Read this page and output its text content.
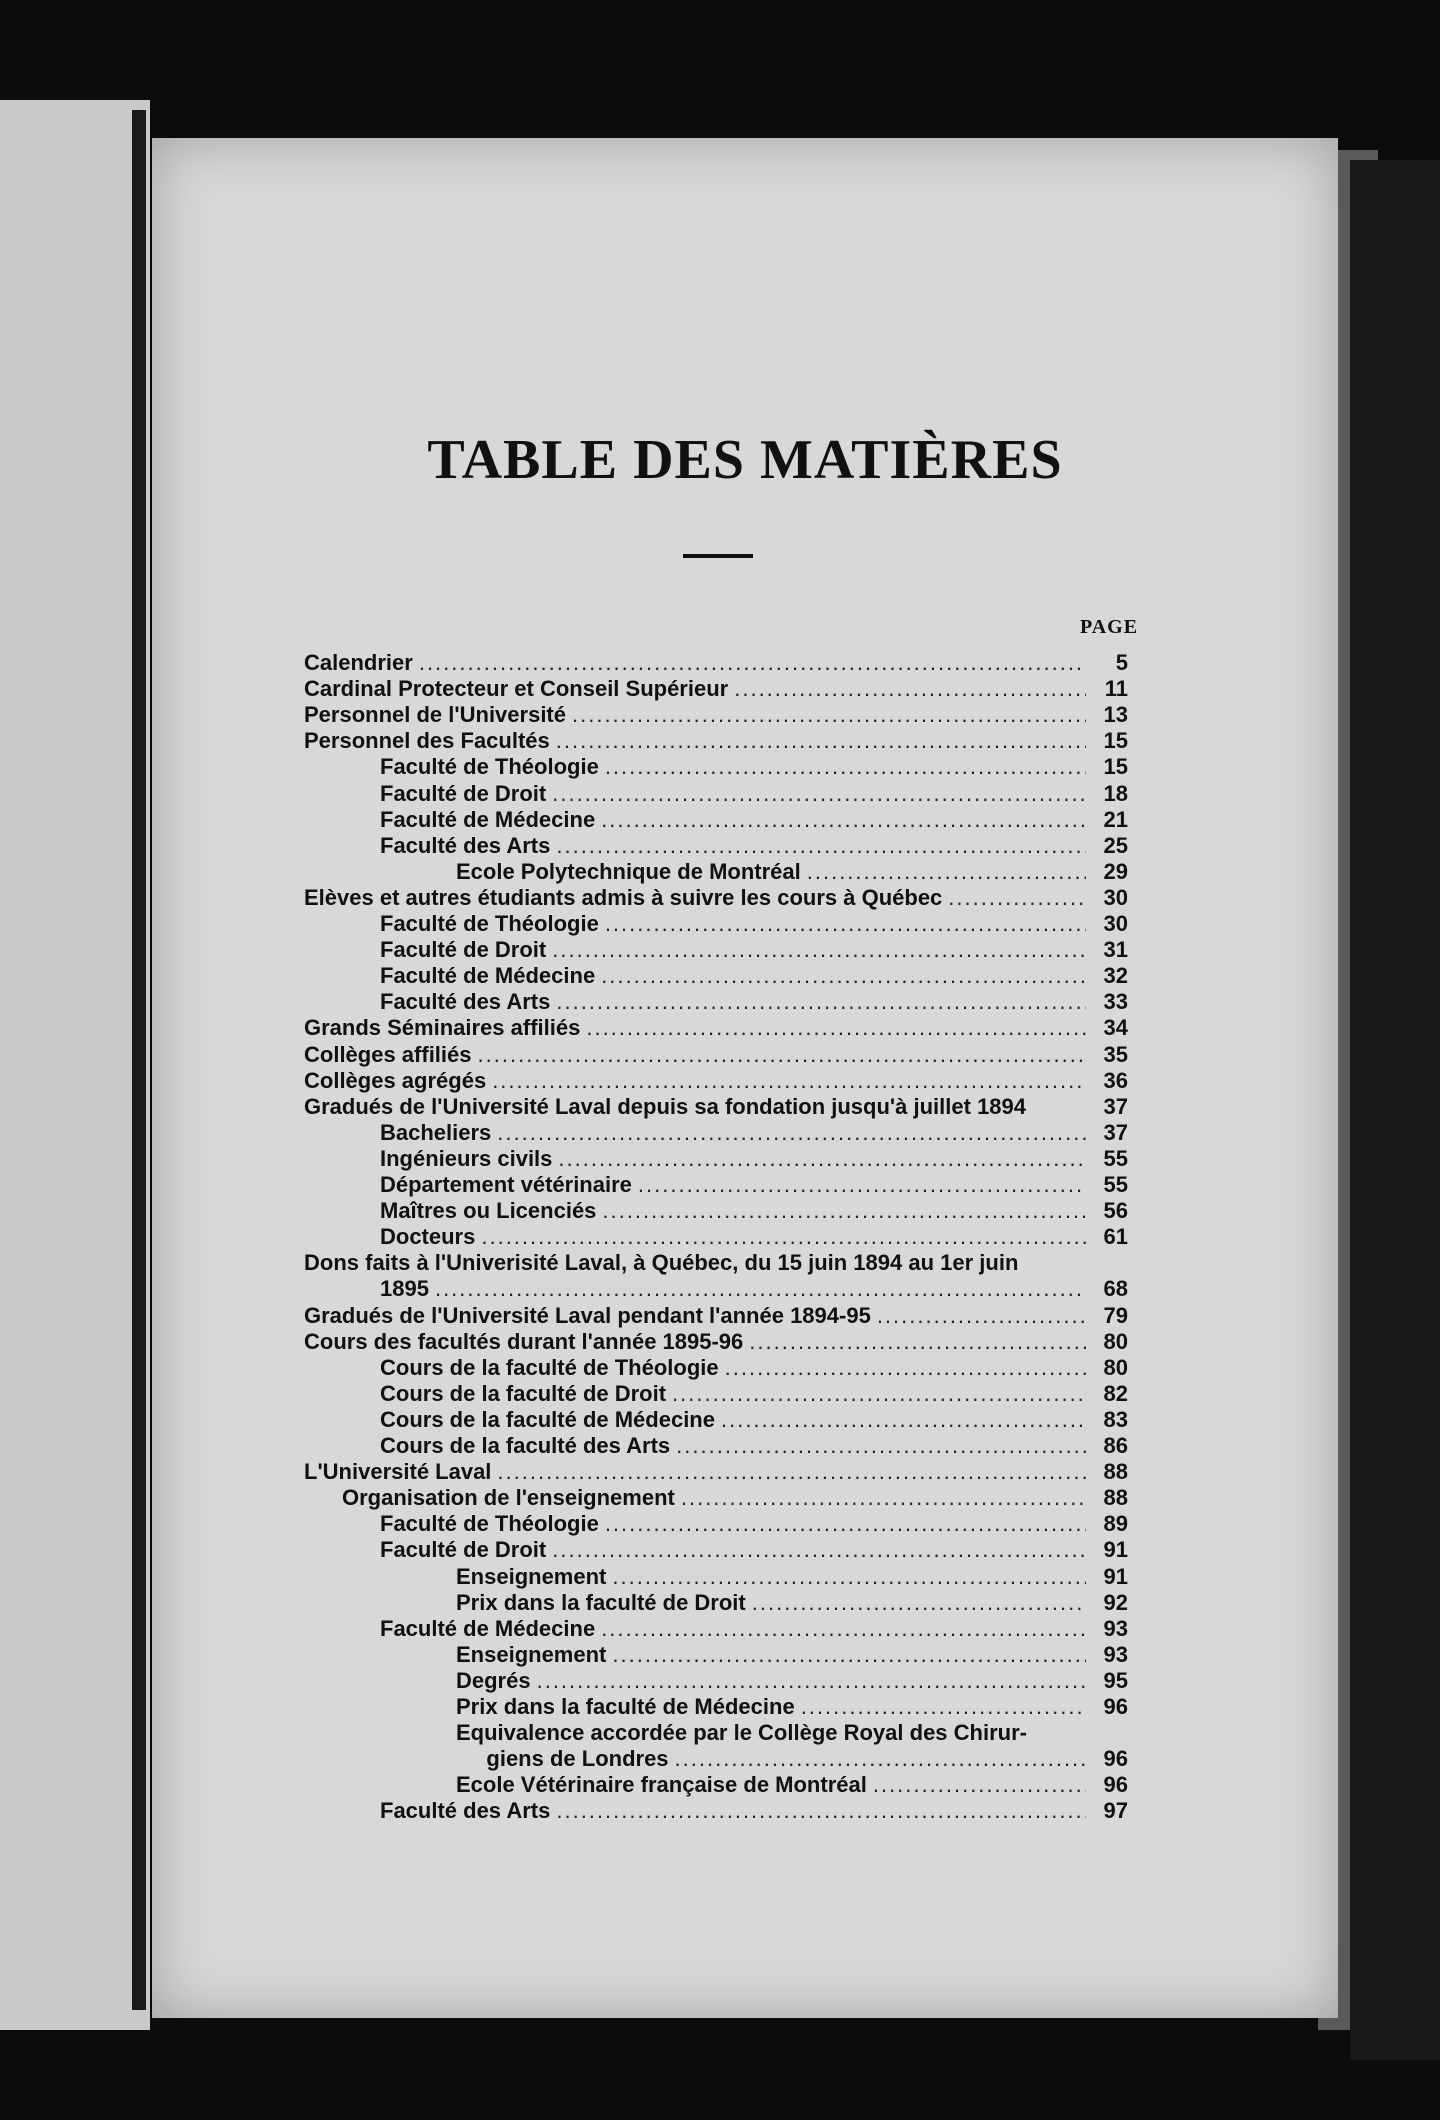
TABLE DES MATIÈRES
PAGE
Calendrier .....	5
Cardinal Protecteur et Conseil Supérieur .....	11
Personnel de l'Université .....	13
Personnel des Facultés .....	15
Faculté de Théologie .....	15
Faculté de Droit .....	18
Faculté de Médecine .....	21
Faculté des Arts .....	25
Ecole Polytechnique de Montréal .....	29
Elèves et autres étudiants admis à suivre les cours à Québec .....	30
Faculté de Théologie .....	30
Faculté de Droit .....	31
Faculté de Médecine .....	32
Faculté des Arts .....	33
Grands Séminaires affiliés .....	34
Collèges affiliés .....	35
Collèges agrégés .....	36
Gradués de l'Université Laval depuis sa fondation jusqu'à juillet 1894	37
Bacheliers .....	37
Ingénieurs civils .....	55
Département vétérinaire .....	55
Maîtres ou Licenciés .....	56
Docteurs .....	61
Dons faits à l'Univerisité Laval, à Québec, du 15 juin 1894 au 1er juin
1895 .....	68
Gradués de l'Université Laval pendant l'année 1894-95 .....	79
Cours des facultés durant l'année 1895-96 .....	80
Cours de la faculté de Théologie .....	80
Cours de la faculté de Droit .....	82
Cours de la faculté de Médecine .....	83
Cours de la faculté des Arts .....	86
L'Université Laval .....	88
Organisation de l'enseignement .....	88
Faculté de Théologie .....	89
Faculté de Droit .....	91
Enseignement .....	91
Prix dans la faculté de Droit .....	92
Faculté de Médecine .....	93
Enseignement .....	93
Degrés .....	95
Prix dans la faculté de Médecine .....	96
Equivalence accordée par le Collège Royal des Chirur-
giens de Londres .....	96
Ecole Vétérinaire française de Montréal .....	96
Faculté des Arts .....	97
